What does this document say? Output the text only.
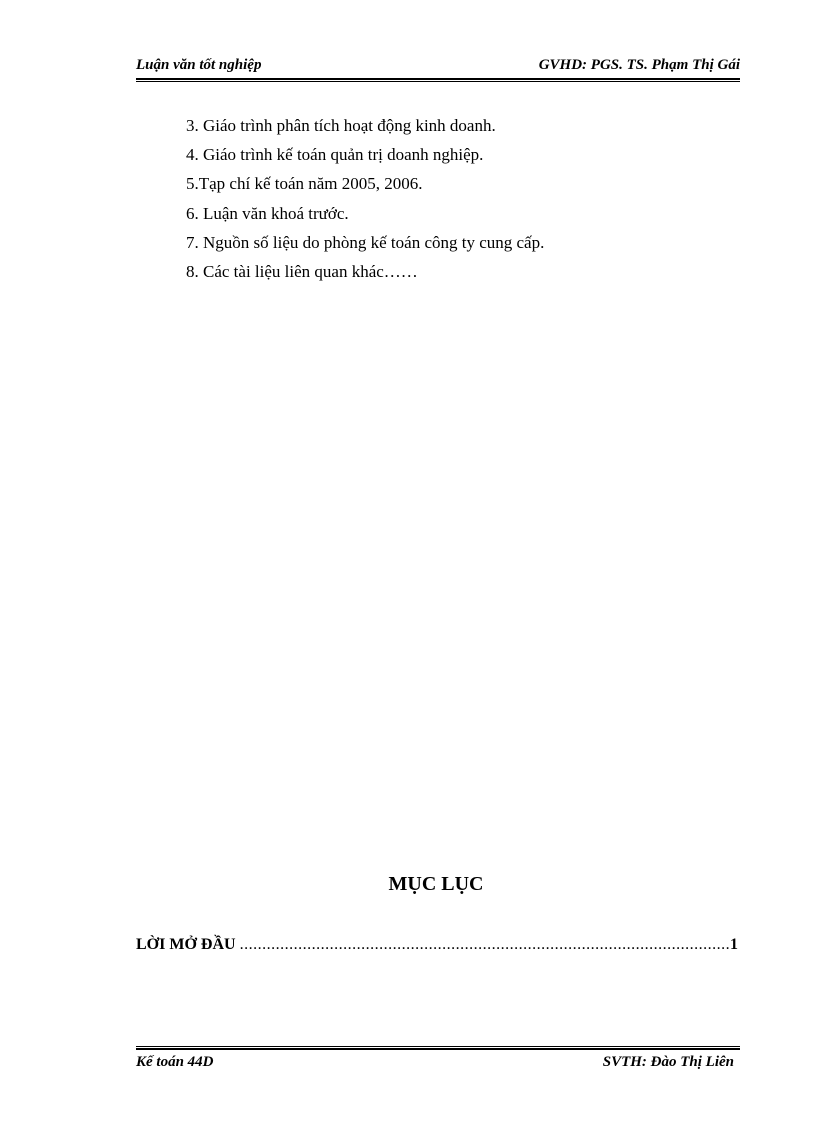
Luận văn tốt nghiệp	GVHD: PGS. TS. Phạm Thị Gái
3. Giáo trình phân tích hoạt động kinh doanh.
4. Giáo trình kế toán quản trị doanh nghiệp.
5.Tạp chí kế toán năm 2005, 2006.
6. Luận văn khoá trước.
7. Nguồn số liệu do phòng kế toán công ty cung cấp.
8. Các tài liệu liên quan khác……
MỤC LỤC
LỜI MỞ ĐẦU
.....	1
Kế toán 44D	SVTH: Đào Thị Liên
